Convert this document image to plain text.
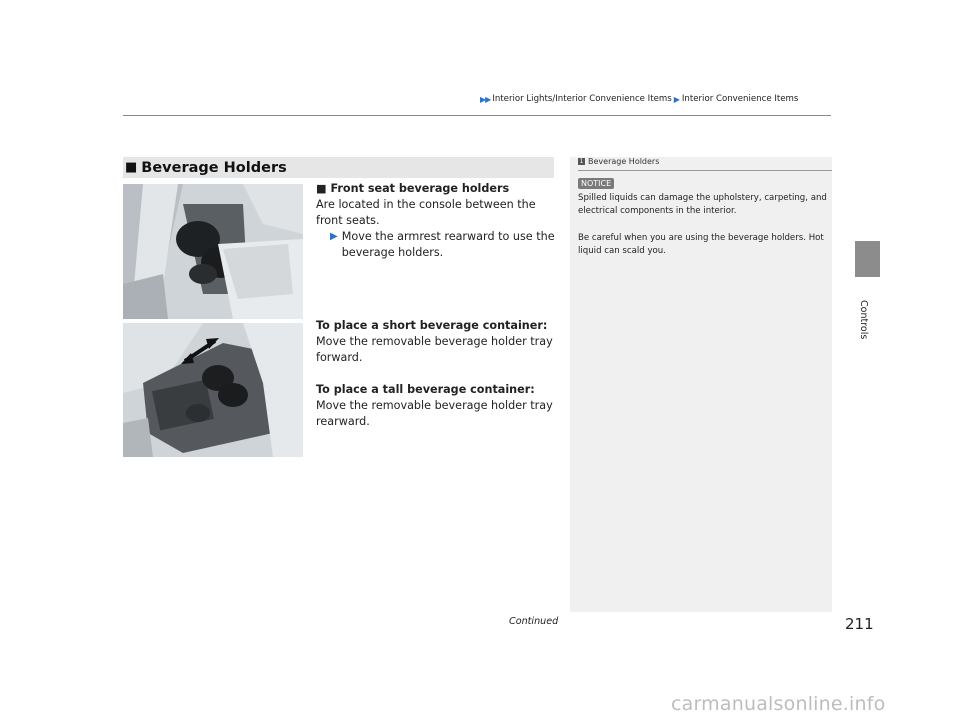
▶▶ Interior Lights/Interior Convenience Items ▶ Interior Convenience Items
■ Beverage Holders
■ Front seat beverage holders
Are located in the console between the front seats.
▶ Move the armrest rearward to use the beverage holders.
To place a short beverage container:
Move the removable beverage holder tray forward.
To place a tall beverage container: Move the removable beverage holder tray rearward.
1 Beverage Holders
NOTICE
Spilled liquids can damage the upholstery, carpeting, and electrical components in the interior.
Be careful when you are using the beverage holders. Hot liquid can scald you.
Controls
Continued	211
carmanualsonline.info
